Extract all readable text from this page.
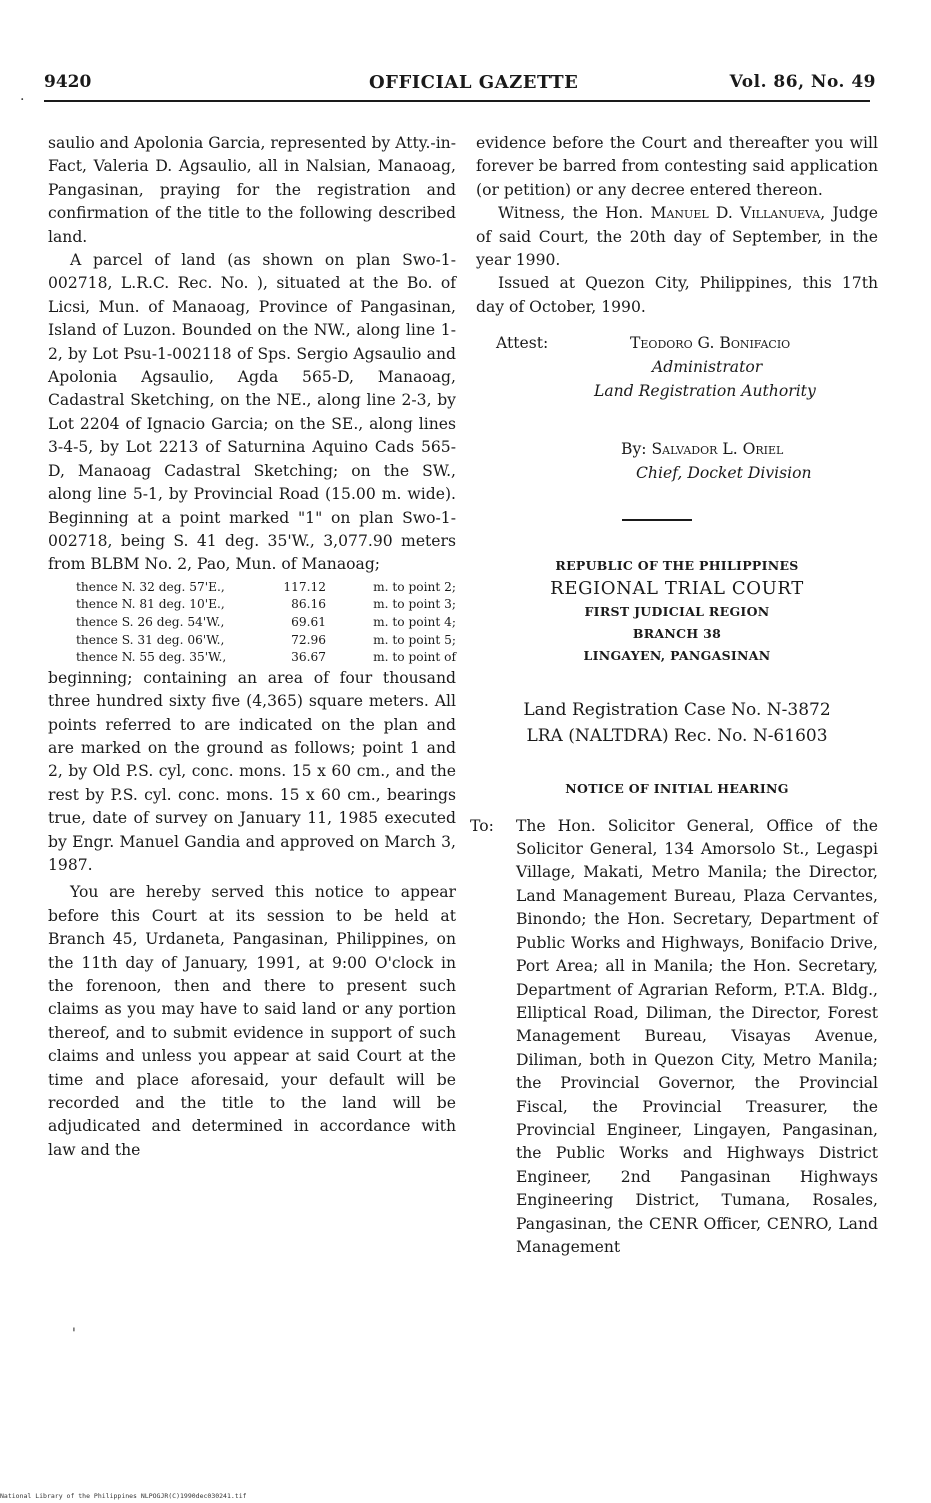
9420	OFFICIAL GAZETTE	Vol. 86, No. 49

saulio and Apolonia Garcia, represented by Atty.-in-Fact, Valeria D. Agsaulio, all in Nalsian, Manaoag, Pangasinan, praying for the registration and confirmation of the title to the following described land.

A parcel of land (as shown on plan Swo-1-002718, L.R.C. Rec. No. ), situated at the Bo. of Licsi, Mun. of Manaoag, Province of Pangasinan, Island of Luzon. Bounded on the NW., along line 1-2, by Lot Psu-1-002118 of Sps. Sergio Agsaulio and Apolonia Agsaulio, Agda 565-D, Manaoag, Cadastral Sketching, on the NE., along line 2-3, by Lot 2204 of Ignacio Garcia; on the SE., along lines 3-4-5, by Lot 2213 of Saturnina Aquino Cads 565-D, Manaoag Cadastral Sketching; on the SW., along line 5-1, by Provincial Road (15.00 m. wide). Beginning at a point marked "1" on plan Swo-1-002718, being S. 41 deg. 35'W., 3,077.90 meters from BLBM No. 2, Pao, Mun. of Manaoag;

thence N. 32 deg. 57'E.,	117.12	m. to point 2;
thence N. 81 deg. 10'E.,	86.16	m. to point 3;
thence S. 26 deg. 54'W.,	69.61	m. to point 4;
thence S. 31 deg. 06'W.,	72.96	m. to point 5;
thence N. 55 deg. 35'W.,	36.67	m. to point of

beginning; containing an area of four thousand three hundred sixty five (4,365) square meters. All points referred to are indicated on the plan and are marked on the ground as follows; point 1 and 2, by Old P.S. cyl, conc. mons. 15 x 60 cm., and the rest by P.S. cyl. conc. mons. 15 x 60 cm., bearings true, date of survey on January 11, 1985 executed by Engr. Manuel Gandia and approved on March 3, 1987.

You are hereby served this notice to appear before this Court at its session to be held at Branch 45, Urdaneta, Pangasinan, Philippines, on the 11th day of January, 1991, at 9:00 O'clock in the forenoon, then and there to present such claims as you may have to said land or any portion thereof, and to submit evidence in support of such claims and unless you appear at said Court at the time and place aforesaid, your default will be recorded and the title to the land will be adjudicated and determined in accordance with law and the

evidence before the Court and thereafter you will forever be barred from contesting said application (or petition) or any decree entered thereon.

Witness, the Hon. Manuel D. Villanueva, Judge of said Court, the 20th day of September, in the year 1990.

Issued at Quezon City, Philippines, this 17th day of October, 1990.

Attest:	Teodoro G. Bonifacio
Administrator
Land Registration Authority
By: Salvador L. Oriel
Chief, Docket Division
REPUBLIC OF THE PHILIPPINES
REGIONAL TRIAL COURT
FIRST JUDICIAL REGION
BRANCH 38
LINGAYEN, PANGASINAN
Land Registration Case No. N-3872
LRA (NALTDRA) Rec. No. N-61603
NOTICE OF INITIAL HEARING
To: The Hon. Solicitor General, Office of the Solicitor General, 134 Amorsolo St., Legaspi Village, Makati, Metro Manila; the Director, Land Management Bureau, Plaza Cervantes, Binondo; the Hon. Secretary, Department of Public Works and Highways, Bonifacio Drive, Port Area; all in Manila; the Hon. Secretary, Department of Agrarian Reform, P.T.A. Bldg., Elliptical Road, Diliman, the Director, Forest Management Bureau, Visayas Avenue, Diliman, both in Quezon City, Metro Manila; the Provincial Governor, the Provincial Fiscal, the Provincial Treasurer, the Provincial Engineer, Lingayen, Pangasinan, the Public Works and Highways District Engineer, 2nd Pangasinan Highways Engineering District, Tumana, Rosales, Pangasinan, the CENR Officer, CENRO, Land Management

.
'
National Library of the Philippines NLPOGJR(C)1990dec030241.tif
